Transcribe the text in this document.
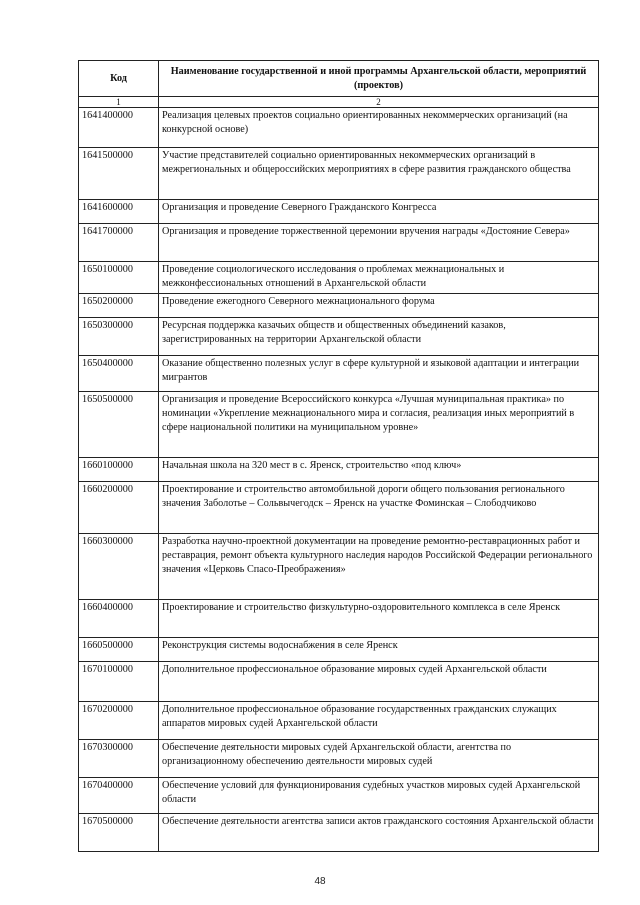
Код	Наименование государственной и иной программы Архангельской области, мероприятий (проектов)
1	2
1641400000	Реализация целевых проектов социально ориентированных некоммерческих организаций (на конкурсной основе)
1641500000	Участие представителей социально ориентированных некоммерческих организаций в межрегиональных и общероссийских мероприятиях в сфере развития гражданского общества
1641600000	Организация и проведение Северного Гражданского Конгресса
1641700000	Организация и проведение торжественной церемонии вручения награды «Достояние Севера»
1650100000	Проведение социологического исследования о проблемах межнациональных и межконфессиональных отношений в Архангельской области
1650200000	Проведение ежегодного Северного межнационального форума
1650300000	Ресурсная поддержка казачьих обществ и общественных объединений казаков, зарегистрированных на территории Архангельской области
1650400000	Оказание общественно полезных услуг в сфере культурной и языковой адаптации и интеграции мигрантов
1650500000	Организация и проведение Всероссийского конкурса «Лучшая муниципальная практика» по номинации «Укрепление межнационального мира и согласия, реализация иных мероприятий в сфере национальной политики на муниципальном уровне»
1660100000	Начальная школа на 320 мест в с. Яренск, строительство «под ключ»
1660200000	Проектирование и строительство автомобильной дороги общего пользования регионального значения Заболотье – Сольвычегодск – Яренск на участке Фоминская – Слободчиково
1660300000	Разработка научно-проектной документации на проведение ремонтно-реставрационных работ и реставрация, ремонт объекта культурного наследия народов Российской Федерации регионального значения «Церковь Спасо-Преображения»
1660400000	Проектирование и строительство физкультурно-оздоровительного комплекса в селе Яренск
1660500000	Реконструкция системы водоснабжения в селе Яренск
1670100000	Дополнительное профессиональное образование мировых судей Архангельской области
1670200000	Дополнительное профессиональное образование государственных гражданских служащих аппаратов мировых судей Архангельской области
1670300000	Обеспечение деятельности мировых судей Архангельской области, агентства по организационному обеспечению деятельности мировых судей
1670400000	Обеспечение условий для функционирования судебных участков мировых судей Архангельской области
1670500000	Обеспечение деятельности агентства записи актов гражданского состояния Архангельской области
48
